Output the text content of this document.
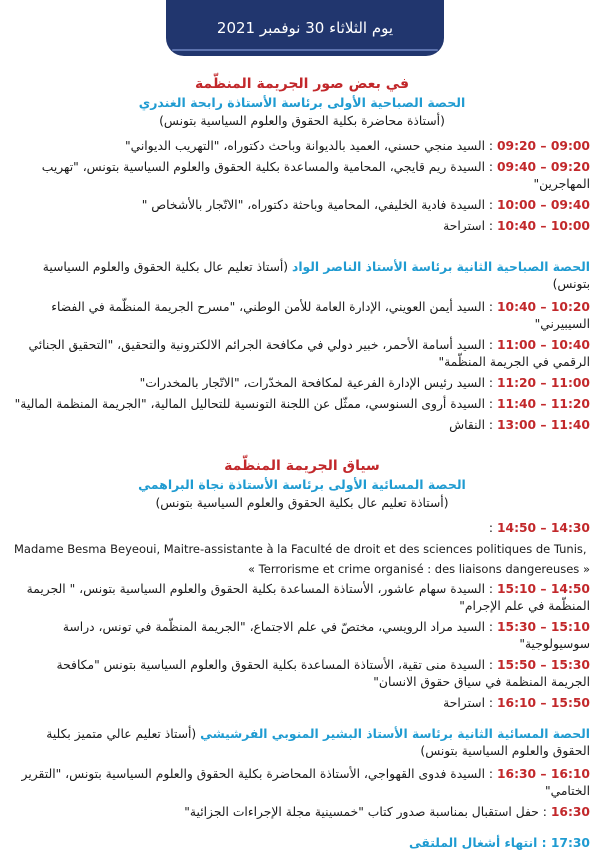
يوم الثلاثاء 30 نوفمبر 2021

في بعض صور الجريمة المنظّمة

الحصة الصباحية الأولى برئاسة الأستاذة رابحة الغندري

(أستاذة محاضرة بكلية الحقوق والعلوم السياسية بتونس)

09:00 – 09:20 : السيد منجي حسني، العميد بالديوانة وباحث دكتوراه، "التهريب الديواني"

09:20 – 09:40 : السيدة ريم قايجي، المحامية والمساعدة بكلية الحقوق والعلوم السياسية بتونس، "تهريب المهاجرين"

09:40 – 10:00 : السيدة فادية الخليفي، المحامية وباحثة دكتوراه، "الاتّجار بالأشخاص "

10:00 – 10:40 : استراحة

الحصة الصباحية الثانية برئاسة الأستاذ الناصر الواد (أستاذ تعليم عال بكلية الحقوق والعلوم السياسية بتونس)

10:20 – 10:40 : السيد أيمن العويني، الإدارة العامة للأمن الوطني، "مسرح الجريمة المنظّمة في الفضاء السيبيرني"

10:40 – 11:00 : السيد أسامة الأحمر، خبير دولي في مكافحة الجرائم الالكترونية والتحقيق، "التحقيق الجنائي الرقمي في الجريمة المنظّمة"

11:00 – 11:20 : السيد رئيس الإدارة الفرعية لمكافحة المخدّرات، "الاتّجار بالمخدرات"

11:20 – 11:40 : السيدة أروى السنوسي، ممثّل عن اللجنة التونسية للتحاليل المالية، "الجريمة المنظمة المالية"

11:40 – 13:00 : النقاش

سياق الجريمة المنظّمة

الحصة المسائية الأولى برئاسة الأستاذة نجاة البراهمي

(أستاذة تعليم عال بكلية الحقوق والعلوم السياسية بتونس)

14:30 – 14:50 :

Madame Besma Beyeoui, Maitre-assistante à la Faculté de droit et des sciences politiques de Tunis,

« Terrorisme et crime organisé : des liaisons dangereuses »

14:50 – 15:10 : السيدة سهام عاشور، الأستاذة المساعدة بكلية الحقوق والعلوم السياسية بتونس، " الجريمة المنظّمة في علم الإجرام"

15:10 – 15:30 : السيد مراد الرويسي، مختصّ في علم الاجتماع، "الجريمة المنظّمة في تونس، دراسة سوسيولوجية"

15:30 – 15:50 : السيدة منى تقية، الأستاذة المساعدة بكلية الحقوق والعلوم السياسية بتونس "مكافحة الجريمة المنظمة في سياق حقوق الانسان"

15:50 – 16:10 : استراحة

الحصة المسائية الثانية برئاسة الأستاذ البشير المنوبي الفرشيشي (أستاذ تعليم عالي متميز بكلية الحقوق والعلوم السياسية بتونس)

16:10 – 16:30 : السيدة فدوى القهواجي، الأستاذة المحاضرة بكلية الحقوق والعلوم السياسية بتونس، "التقرير الختامي"

16:30 : حفل استقبال بمناسبة صدور كتاب "خمسينية مجلة الإجراءات الجزائية"

17:30 : انتهاء أشغال الملتقى
